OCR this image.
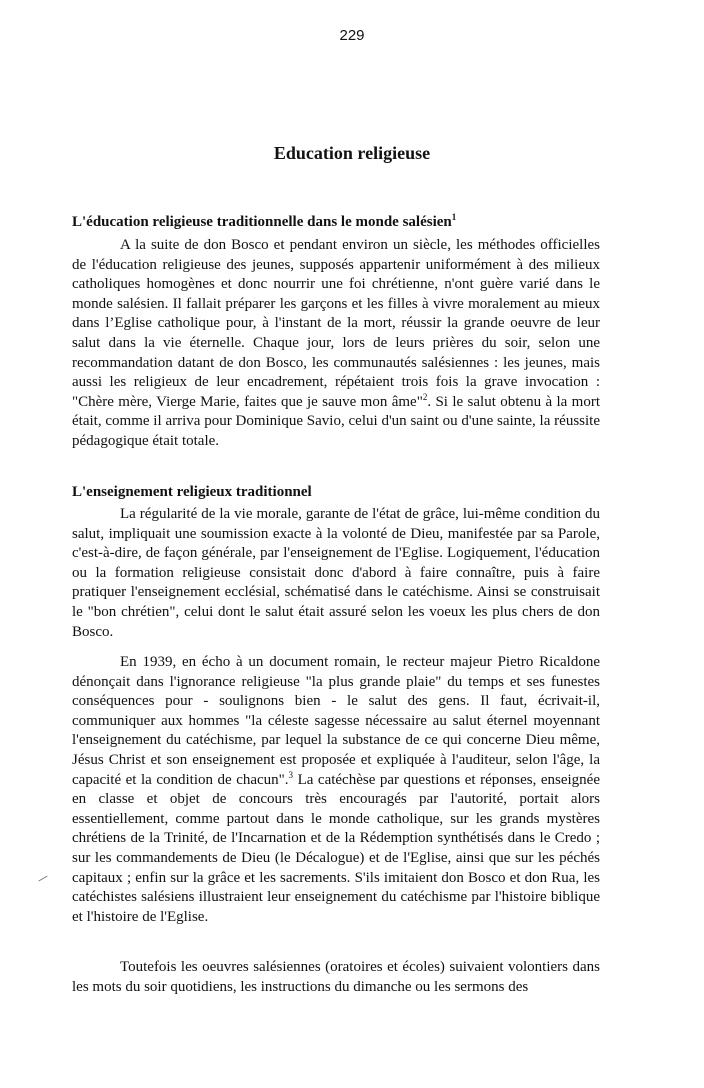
229
Education religieuse
L'éducation religieuse traditionnelle dans le monde salésien$^1$

A la suite de don Bosco et pendant environ un siècle, les méthodes officielles de l'éducation religieuse des jeunes, supposés appartenir uniformément à des milieux catholiques homogènes et donc nourrir une foi chrétienne, n'ont guère varié dans le monde salésien. Il fallait préparer les garçons et les filles à vivre moralement au mieux dans l’Eglise catholique pour, à l'instant de la mort, réussir la grande oeuvre de leur salut dans la vie éternelle. Chaque jour, lors de leurs prières du soir, selon une recommandation datant de don Bosco, les communautés salésiennes : les jeunes, mais aussi les religieux de leur encadrement, répétaient trois fois la grave invocation : "Chère mère, Vierge Marie, faites que je sauve mon âme"$^2$. Si le salut obtenu à la mort était, comme il arriva pour Dominique Savio, celui d'un saint ou d'une sainte, la réussite pédagogique était totale.

L'enseignement religieux traditionnel

La régularité de la vie morale, garante de l'état de grâce, lui-même condition du salut, impliquait une soumission exacte à la volonté de Dieu, manifestée par sa Parole, c'est-à-dire, de façon générale, par l'enseignement de l'Eglise. Logiquement, l'éducation ou la formation religieuse consistait donc d'abord à faire connaître, puis à faire pratiquer l'enseignement ecclésial, schématisé dans le catéchisme. Ainsi se construisait le "bon chrétien", celui dont le salut était assuré selon les voeux les plus chers de don Bosco.

En 1939, en écho à un document romain, le recteur majeur Pietro Ricaldone dénonçait dans l'ignorance religieuse "la plus grande plaie" du temps et ses funestes conséquences pour - soulignons bien - le salut des gens. Il faut, écrivait-il, communiquer aux hommes "la céleste sagesse nécessaire au salut éternel moyennant l'enseignement du catéchisme, par lequel la substance de ce qui concerne Dieu même, Jésus Christ et son enseignement est proposée et expliquée à l'auditeur, selon l'âge, la capacité et la condition de chacun".$^3$ La catéchèse par questions et réponses, enseignée en classe et objet de concours très encouragés par l'autorité, portait alors essentiellement, comme partout dans le monde catholique, sur les grands mystères chrétiens de la Trinité, de l'Incarnation et de la Rédemption synthétisés dans le Credo ; sur les commandements de Dieu (le Décalogue) et de l'Eglise, ainsi que sur les péchés capitaux ; enfin sur la grâce et les sacrements. S'ils imitaient don Bosco et don Rua, les catéchistes salésiens illustraient leur enseignement du catéchisme par l'histoire biblique et l'histoire de l'Eglise.

Toutefois les oeuvres salésiennes (oratoires et écoles) suivaient volontiers dans les mots du soir quotidiens, les instructions du dimanche ou les sermons des
